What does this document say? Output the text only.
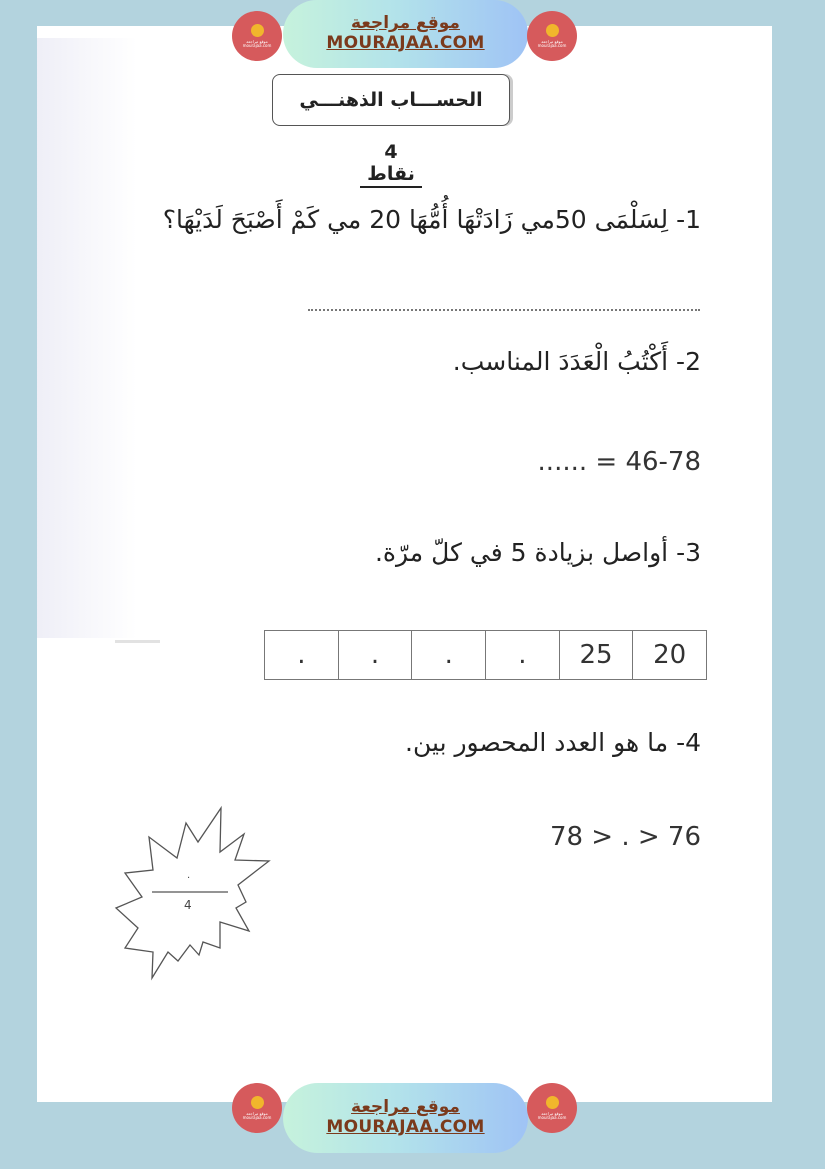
موقع مراجعة
mourajaa.com
موقع مراجعة
MOURAJAA.COM	موقع مراجعة
mourajaa.com
الحســـاب الذهنـــي
4 نقاط
1- لِسَلْمَى 50مي زَادَتْهَا أُمُّهَا 20 مي كَمْ أَصْبَحَ لَدَيْهَا؟
2- أَكْتُبُ الْعَدَدَ المناسب.
...... = 46-78
3- أواصل بزيادة 5 في كلّ مرّة.
20	25	.	.	.	.
4- ما هو العدد المحصور بين.
78 > . > 76
.
4
موقع مراجعة
mourajaa.com
موقع مراجعة
MOURAJAA.COM
موقع مراجعة
mourajaa.com
